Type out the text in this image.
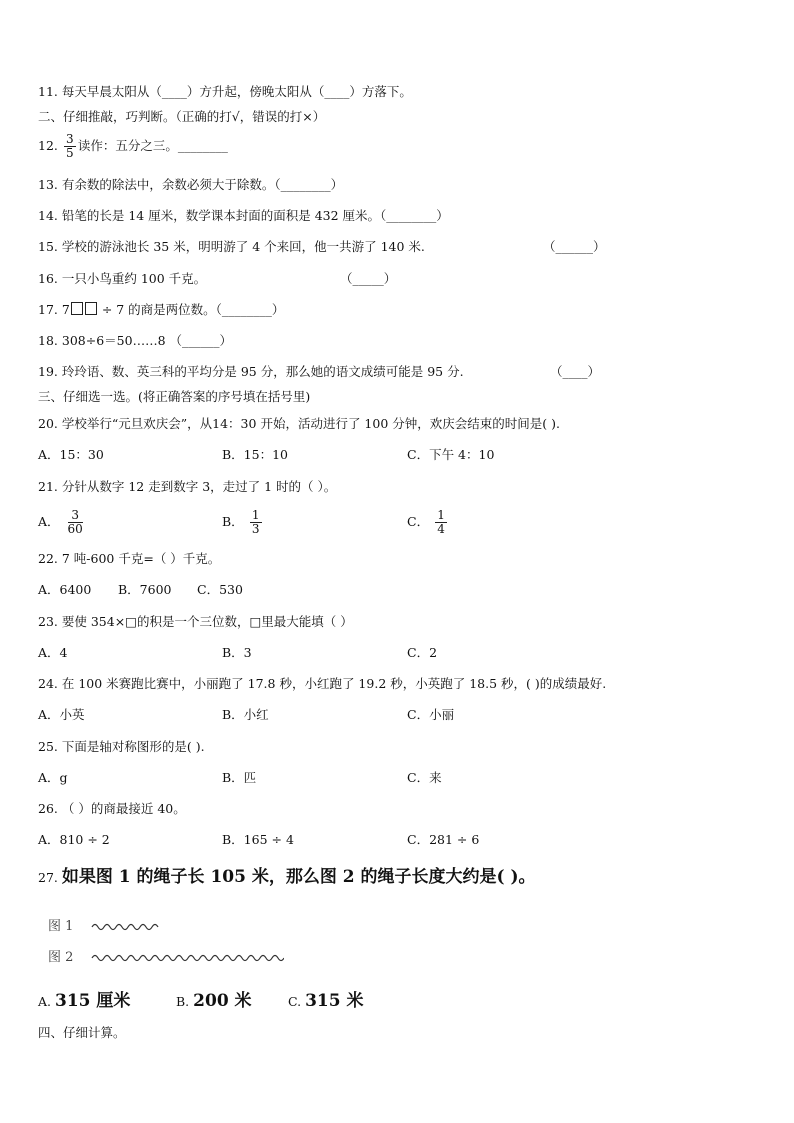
11. 每天早晨太阳从（____）方升起，傍晚太阳从（____）方落下。
二、仔细推敲，巧判断。（正确的打√，错误的打×）
12. $\frac{3}{5}$ 读作：五分之三。________
13. 有余数的除法中，余数必须大于除数。（________）
14. 铅笔的长是 14 厘米，数学课本封面的面积是 432 厘米。（________）
15. 学校的游泳池长 35 米，明明游了 4 个来回，他一共游了 140 米.	（______）
16. 一只小鸟重约 100 千克。	（_____）
17. 7	÷ 7 的商是两位数。（________）
18. 308÷6＝50……8 （______）
19. 玲玲语、数、英三科的平均分是 95 分，那么她的语文成绩可能是 95 分.	（____）
三、仔细选一选。(将正确答案的序号填在括号里)
20. 学校举行“元旦欢庆会”，从14：30 开始，活动进行了 100 分钟，欢庆会结束的时间是( ).
A．15：30	B．15：10	C．下午 4：10
21. 分针从数字 12 走到数字 3，走过了 1 时的（ ）。
A． $\frac{3}{60}$	B． $\frac{1}{3}$	C． $\frac{1}{4}$
22. 7 吨-600 千克=（ ）千克。
A．6400 B．7600 C．530
23. 要使 354×□的积是一个三位数，□里最大能填（ ）
A．4	B．3	C．2
24. 在 100 米赛跑比赛中，小丽跑了 17.8 秒，小红跑了 19.2 秒，小英跑了 18.5 秒，( )的成绩最好.
A．小英	B．小红	C．小丽
25. 下面是轴对称图形的是( ).
A．g	B．匹	C．来
26. （ ）的商最接近 40。
A．810 ÷ 2	B．165 ÷ 4	C．281 ÷ 6
27. 如果图 1 的绳子长 105 米，那么图 2 的绳子长度大约是( )。
图 1
图 2
A. 315 厘米	B. 200 米	C. 315 米
四、仔细计算。
